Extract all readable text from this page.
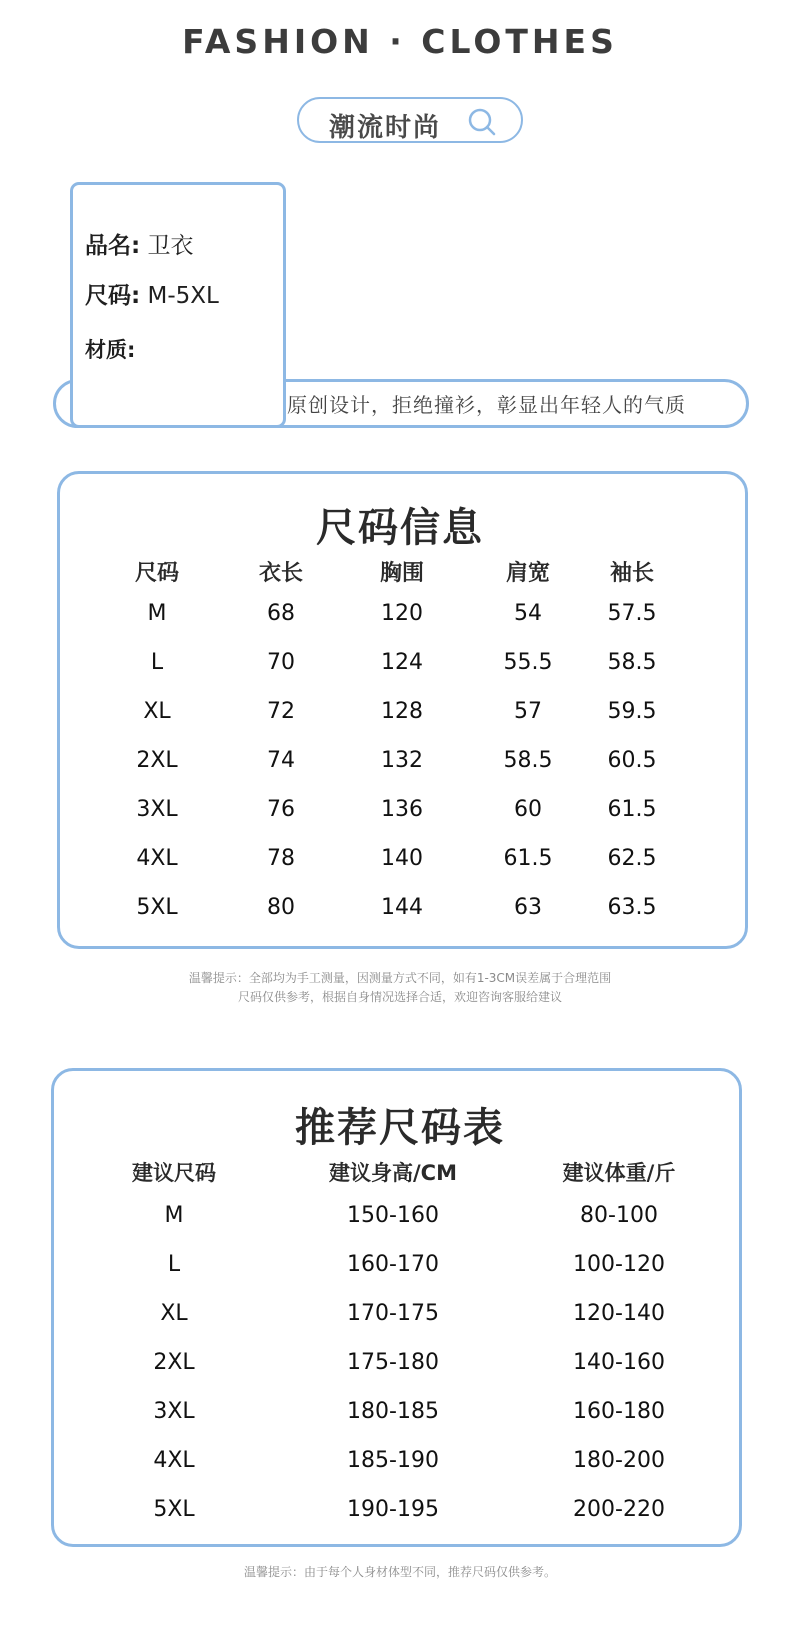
FASHION · CLOTHES
潮流时尚
原创设计，拒绝撞衫，彰显出年轻人的气质
品名: 卫衣
尺码: M-5XL
材质:
尺码信息
尺码	衣长	胸围	肩宽	袖长
M	68	120	54	57.5
L	70	124	55.5	58.5
XL	72	128	57	59.5
2XL	74	132	58.5	60.5
3XL	76	136	60	61.5
4XL	78	140	61.5	62.5
5XL	80	144	63	63.5
温馨提示：全部均为手工测量，因测量方式不同，如有1-3CM误差属于合理范围
尺码仅供参考，根据自身情况选择合适，欢迎咨询客服给建议
推荐尺码表
建议尺码	建议身高/CM	建议体重/斤
M	150-160	80-100
L	160-170	100-120
XL	170-175	120-140
2XL	175-180	140-160
3XL	180-185	160-180
4XL	185-190	180-200
5XL	190-195	200-220
温馨提示：由于每个人身材体型不同，推荐尺码仅供参考。
